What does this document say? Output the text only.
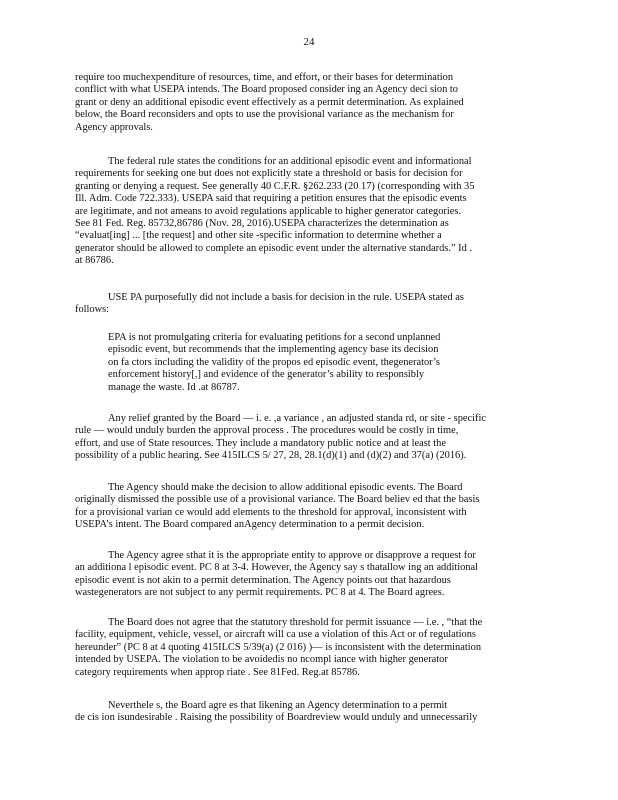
24
require too muchexpenditure of resources, time, and effort, or their bases for determination
conflict with what USEPA intends. The Board proposed consider ing an Agency deci sion to
grant or deny an additional episodic event effectively as a permit determination. As explained
below, the Board reconsiders and opts to use the provisional variance as the mechanism for
Agency approvals.
The federal rule states the conditions for an additional episodic event and informational
requirements for seeking one but does not explicitly state a threshold or basis for decision for
granting or denying a request. See generally 40 C.F.R. §262.233 (20 17) (corresponding with 35
Ill. Adm. Code 722.333). USEPA said that requiring a petition ensures that the episodic events
are legitimate, and not ameans to avoid regulations applicable to higher generator categories.
See 81 Fed. Reg. 85732,86786 (Nov. 28, 2016).USEPA characterizes the determination as
“evaluat[ing] ... [the request] and other site -specific information to determine whether a
generator should be allowed to complete an episodic event under the alternative standards.” Id .
at 86786.
USE PA purposefully did not include a basis for decision in the rule. USEPA stated as
follows:
EPA is not promulgating criteria for evaluating petitions for a second unplanned
episodic event, but recommends that the implementing agency base its decision
on fa ctors including the validity of the propos ed episodic event, thegenerator’s
enforcement history[,] and evidence of the generator’s ability to responsibly
manage the waste. Id .at 86787.
Any relief granted by the Board — i. e. ,a variance , an adjusted standa rd, or site - specific
rule — would unduly burden the approval process . The procedures would be costly in time,
effort, and use of State resources. They include a mandatory public notice and at least the
possibility of a public hearing. See 415ILCS 5/ 27, 28, 28.1(d)(1) and (d)(2) and 37(a) (2016).
The Agency should make the decision to allow additional episodic events. The Board
originally dismissed the possible use of a provisional variance. The Board believ ed that the basis
for a provisional varian ce would add elements to the threshold for approval, inconsistent with
USEPA’s intent. The Board compared anAgency determination to a permit decision.
The Agency agree sthat it is the appropriate entity to approve or disapprove a request for
an additiona l episodic event. PC 8 at 3-4. However, the Agency say s thatallow ing an additional
episodic event is not akin to a permit determination. The Agency points out that hazardous
wastegenerators are not subject to any permit requirements. PC 8 at 4. The Board agrees.
The Board does not agree that the statutory threshold for permit issuance — i.e. , “that the
facility, equipment, vehicle, vessel, or aircraft will ca use a violation of this Act or of regulations
hereunder” (PC 8 at 4 quoting 415ILCS 5/39(a) (2 016) )— is inconsistent with the determination
intended by USEPA. The violation to be avoidedis no ncompl iance with higher generator
category requirements when approp riate . See 81Fed. Reg.at 85786.
Neverthele s, the Board agre es that likening an Agency determination to a permit
de cis ion isundesirable . Raising the possibility of Boardreview would unduly and unnecessarily
